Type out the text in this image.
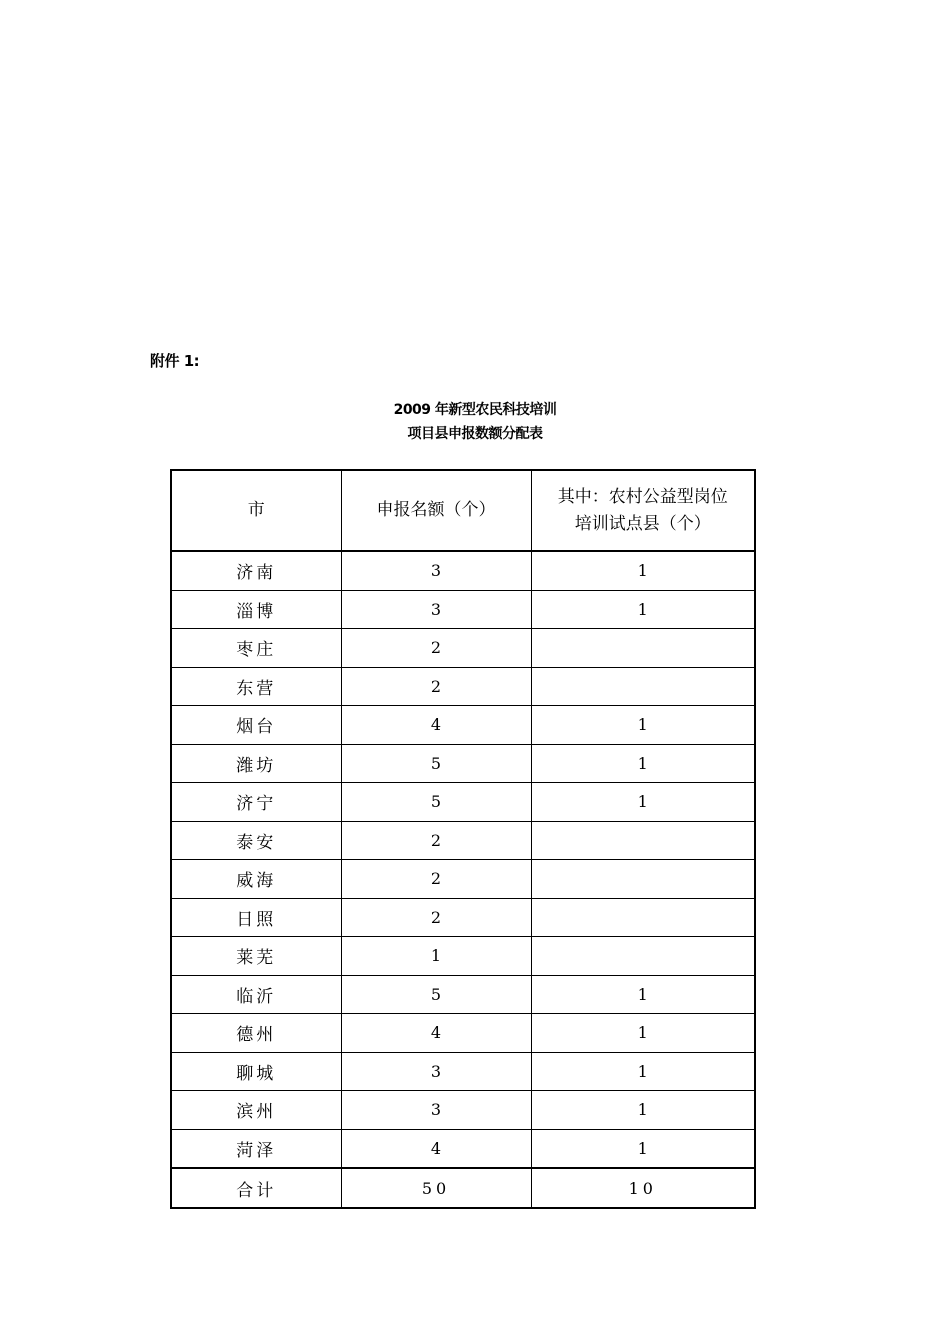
附件 1:
2009 年新型农民科技培训
项目县申报数额分配表
市	申报名额（个）	其中：农村公益型岗位
培训试点县（个）

济南	3	1
淄博	3	1
枣庄	2	
东营	2	
烟台	4	1
潍坊	5	1
济宁	5	1
泰安	2	
威海	2	
日照	2	
莱芜	1	
临沂	5	1
德州	4	1
聊城	3	1
滨州	3	1
菏泽	4	1
合计	50	10
